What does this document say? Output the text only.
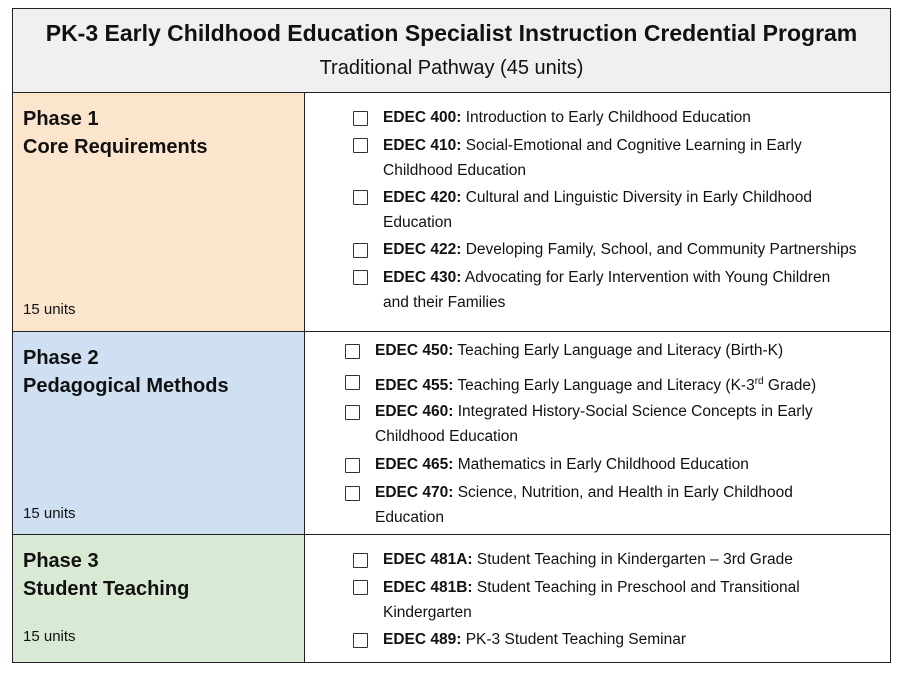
PK-3 Early Childhood Education Specialist Instruction Credential Program
Traditional Pathway (45 units)
Phase 1
Core Requirements
15 units
EDEC 400: Introduction to Early Childhood Education
EDEC 410: Social-Emotional and Cognitive Learning in Early
Childhood Education
EDEC 420: Cultural and Linguistic Diversity in Early Childhood
Education
EDEC 422: Developing Family, School, and Community Partnerships
EDEC 430: Advocating for Early Intervention with Young Children
and their Families
Phase 2
Pedagogical Methods
15 units
EDEC 450: Teaching Early Language and Literacy (Birth-K)
EDEC 455: Teaching Early Language and Literacy (K-3rd Grade)
EDEC 460: Integrated History-Social Science Concepts in Early
Childhood Education
EDEC 465: Mathematics in Early Childhood Education
EDEC 470: Science, Nutrition, and Health in Early Childhood
Education
Phase 3
Student Teaching
15 units
EDEC 481A: Student Teaching in Kindergarten – 3rd Grade
EDEC 481B: Student Teaching in Preschool and Transitional
Kindergarten
EDEC 489: PK-3 Student Teaching Seminar
